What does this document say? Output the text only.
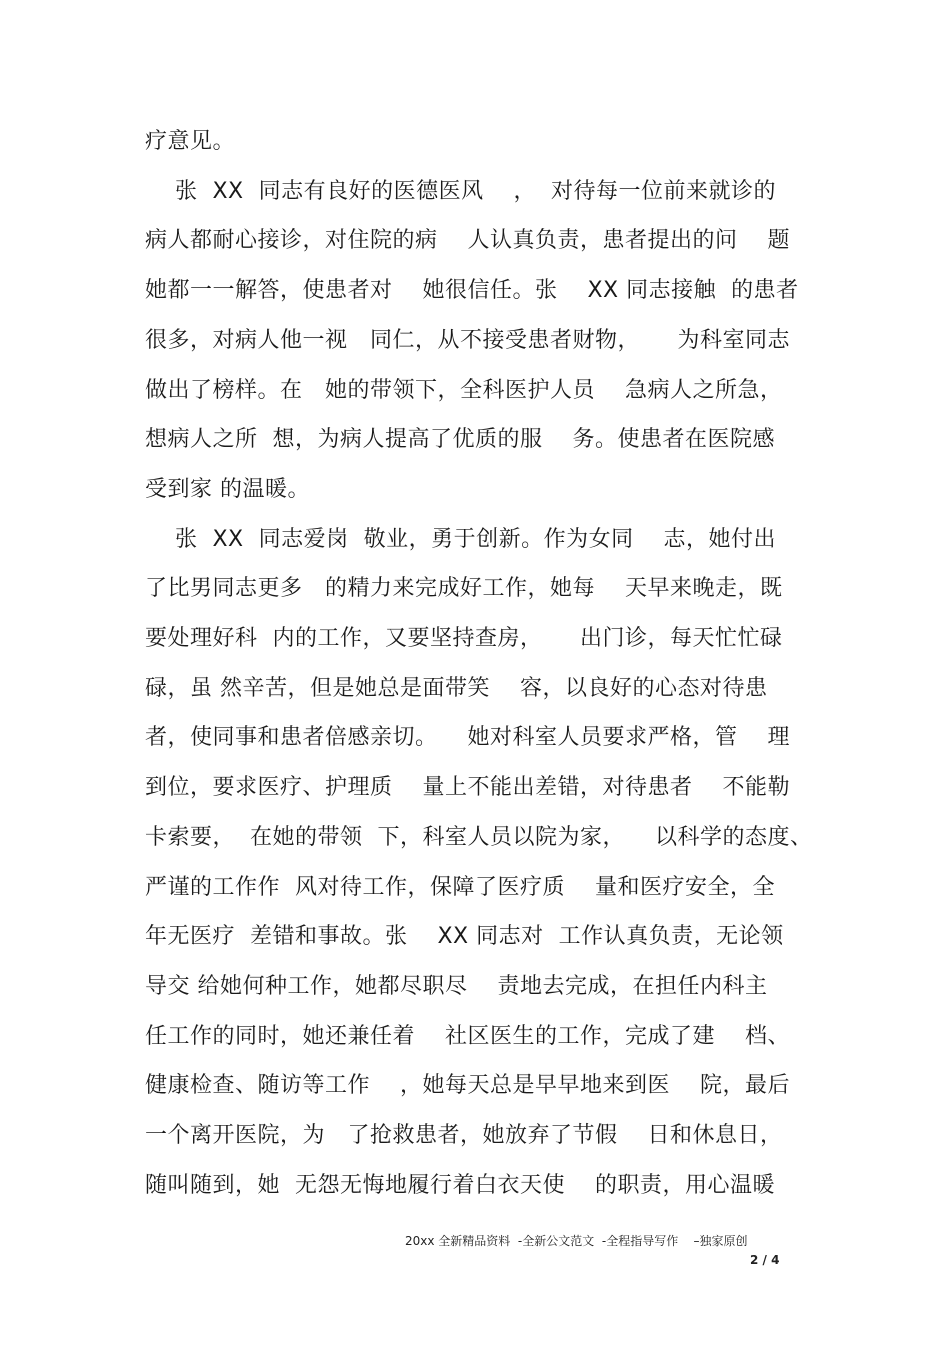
疗意见。
张  XX  同志有良好的医德医风    ，  对待每一位前来就诊的
病人都耐心接诊，对住院的病    人认真负责，患者提出的问    题
她都一一解答，使患者对    她很信任。张    XX 同志接触  的患者
很多，对病人他一视   同仁，从不接受患者财物，     为科室同志
做出了榜样。在   她的带领下，全科医护人员    急病人之所急，
想病人之所  想，为病人提高了优质的服    务。使患者在医院感
受到家 的温暖。
张  XX  同志爱岗  敬业，勇于创新。作为女同    志，她付出
了比男同志更多   的精力来完成好工作，她每    天早来晚走，既
要处理好科  内的工作，又要坚持查房，     出门诊，每天忙忙碌
碌，虽 然辛苦，但是她总是面带笑    容，以良好的心态对待患
者，使同事和患者倍感亲切。    她对科室人员要求严格，管    理
到位，要求医疗、护理质    量上不能出差错，对待患者    不能勒
卡索要，  在她的带领  下，科室人员以院为家，    以科学的态度、
严谨的工作作  风对待工作，保障了医疗质    量和医疗安全，全
年无医疗  差错和事故。张    XX 同志对  工作认真负责，无论领
导交 给她何种工作，她都尽职尽    责地去完成，在担任内科主
任工作的同时，她还兼任着    社区医生的工作，完成了建    档、
健康检查、随访等工作    ，她每天总是早早地来到医    院，最后
一个离开医院，为   了抢救患者，她放弃了节假    日和休息日，
随叫随到，她  无怨无悔地履行着白衣天使    的职责，用心温暖
20xx 全新精品资料  -全新公文范文  -全程指导写作    –独家原创
2 / 4
